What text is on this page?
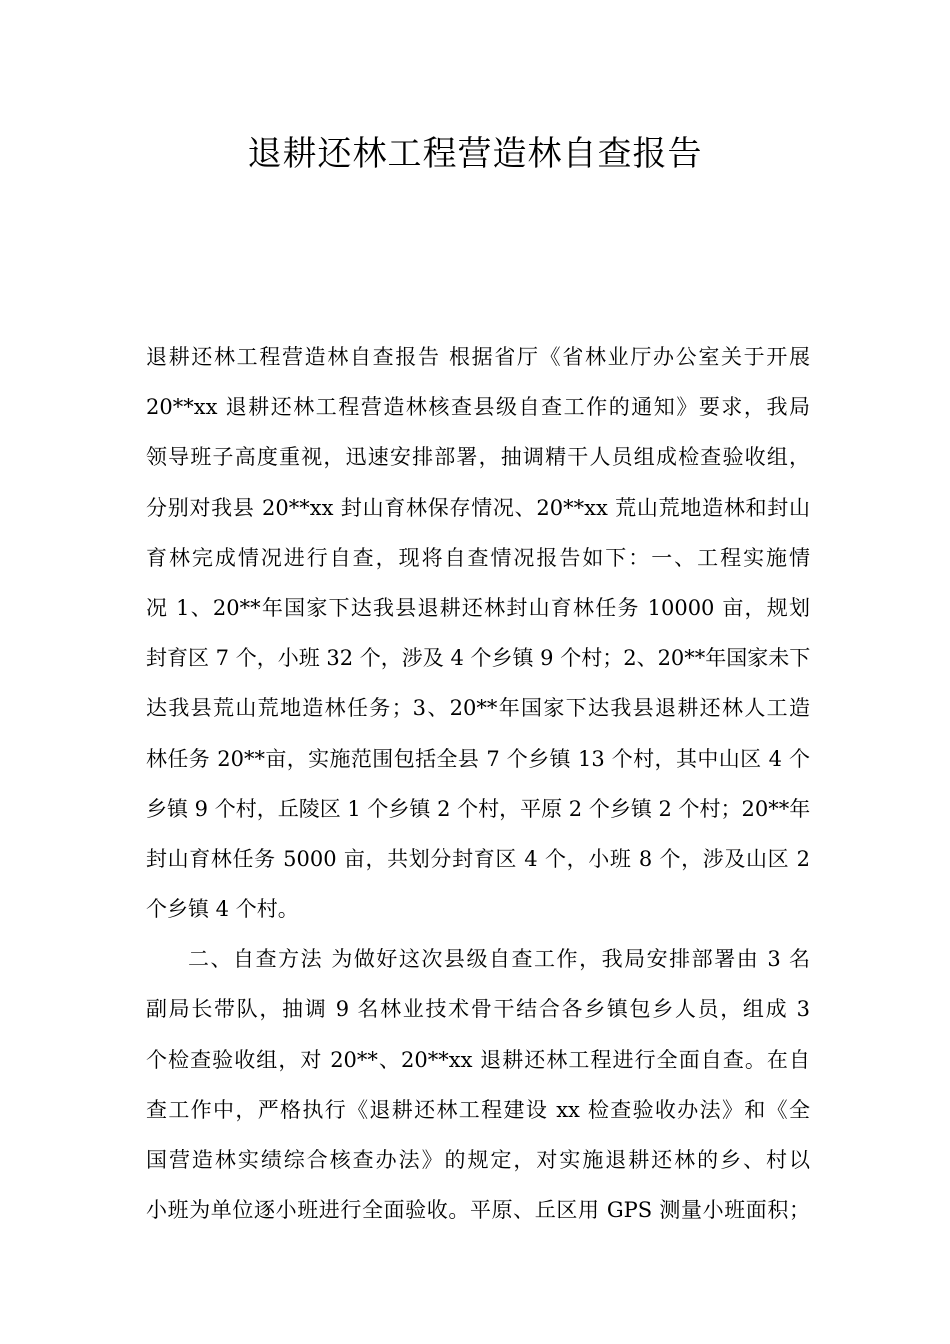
退耕还林工程营造林自查报告
退耕还林工程营造林自查报告 根据省厅《省林业厅办公室关于开展
20**xx 退耕还林工程营造林核查县级自查工作的通知》要求，我局
领导班子高度重视，迅速安排部署，抽调精干人员组成检查验收组，
分别对我县 20**xx 封山育林保存情况、20**xx 荒山荒地造林和封山
育林完成情况进行自查，现将自查情况报告如下：一、工程实施情
况 1、20**年国家下达我县退耕还林封山育林任务 10000 亩，规划
封育区 7 个，小班 32 个，涉及 4 个乡镇 9 个村；2、20**年国家未下
达我县荒山荒地造林任务；3、20**年国家下达我县退耕还林人工造
林任务 20**亩，实施范围包括全县 7 个乡镇 13 个村，其中山区 4 个
乡镇 9 个村，丘陵区 1 个乡镇 2 个村，平原 2 个乡镇 2 个村；20**年
封山育林任务 5000 亩，共划分封育区 4 个，小班 8 个，涉及山区 2
个乡镇 4 个村。
二、自查方法 为做好这次县级自查工作，我局安排部署由 3 名
副局长带队，抽调 9 名林业技术骨干结合各乡镇包乡人员，组成 3
个检查验收组，对 20**、20**xx 退耕还林工程进行全面自查。在自
查工作中，严格执行《退耕还林工程建设 xx 检查验收办法》和《全
国营造林实绩综合核查办法》的规定，对实施退耕还林的乡、村以
小班为单位逐小班进行全面验收。平原、丘区用 GPS 测量小班面积；
